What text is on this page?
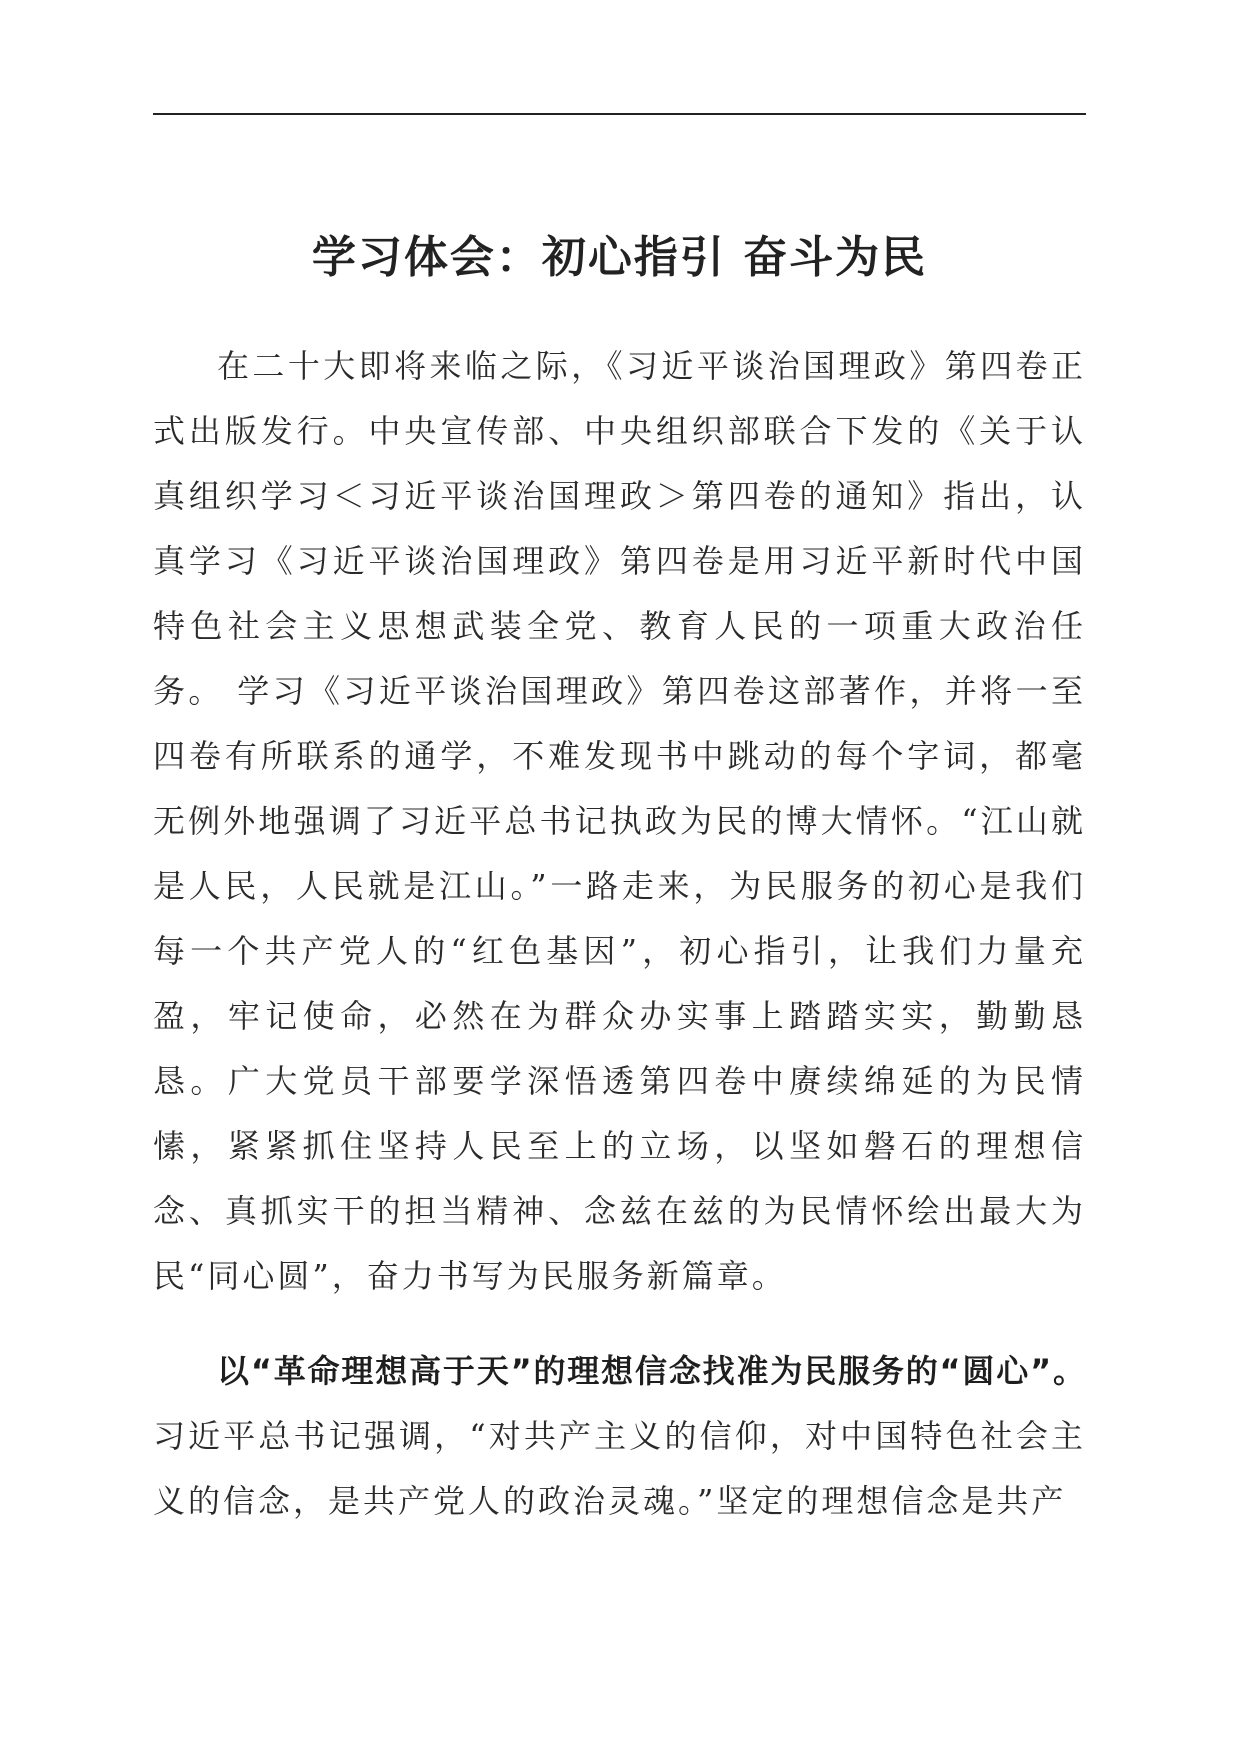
学习体会：初心指引 奋斗为民

在二十大即将来临之际，《习近平谈治国理政》第四卷正式出版发行。中央宣传部、中央组织部联合下发的《关于认真组织学习＜习近平谈治国理政＞第四卷的通知》指出，认真学习《习近平谈治国理政》第四卷是用习近平新时代中国特色社会主义思想武装全党、教育人民的一项重大政治任务。 学习《习近平谈治国理政》第四卷这部著作，并将一至四卷有所联系的通学，不难发现书中跳动的每个字词，都毫无例外地强调了习近平总书记执政为民的博大情怀。“江山就是人民，人民就是江山。”一路走来，为民服务的初心是我们每一个共产党人的“红色基因”，初心指引，让我们力量充盈，牢记使命，必然在为群众办实事上踏踏实实，勤勤恳恳。广大党员干部要学深悟透第四卷中赓续绵延的为民情愫，紧紧抓住坚持人民至上的立场，以坚如磐石的理想信念、真抓实干的担当精神、念兹在兹的为民情怀绘出最大为民“同心圆”，奋力书写为民服务新篇章。

以“革命理想高于天”的理想信念找准为民服务的“圆心”。习近平总书记强调，“对共产主义的信仰，对中国特色社会主义的信念，是共产党人的政治灵魂。”坚定的理想信念是共产
